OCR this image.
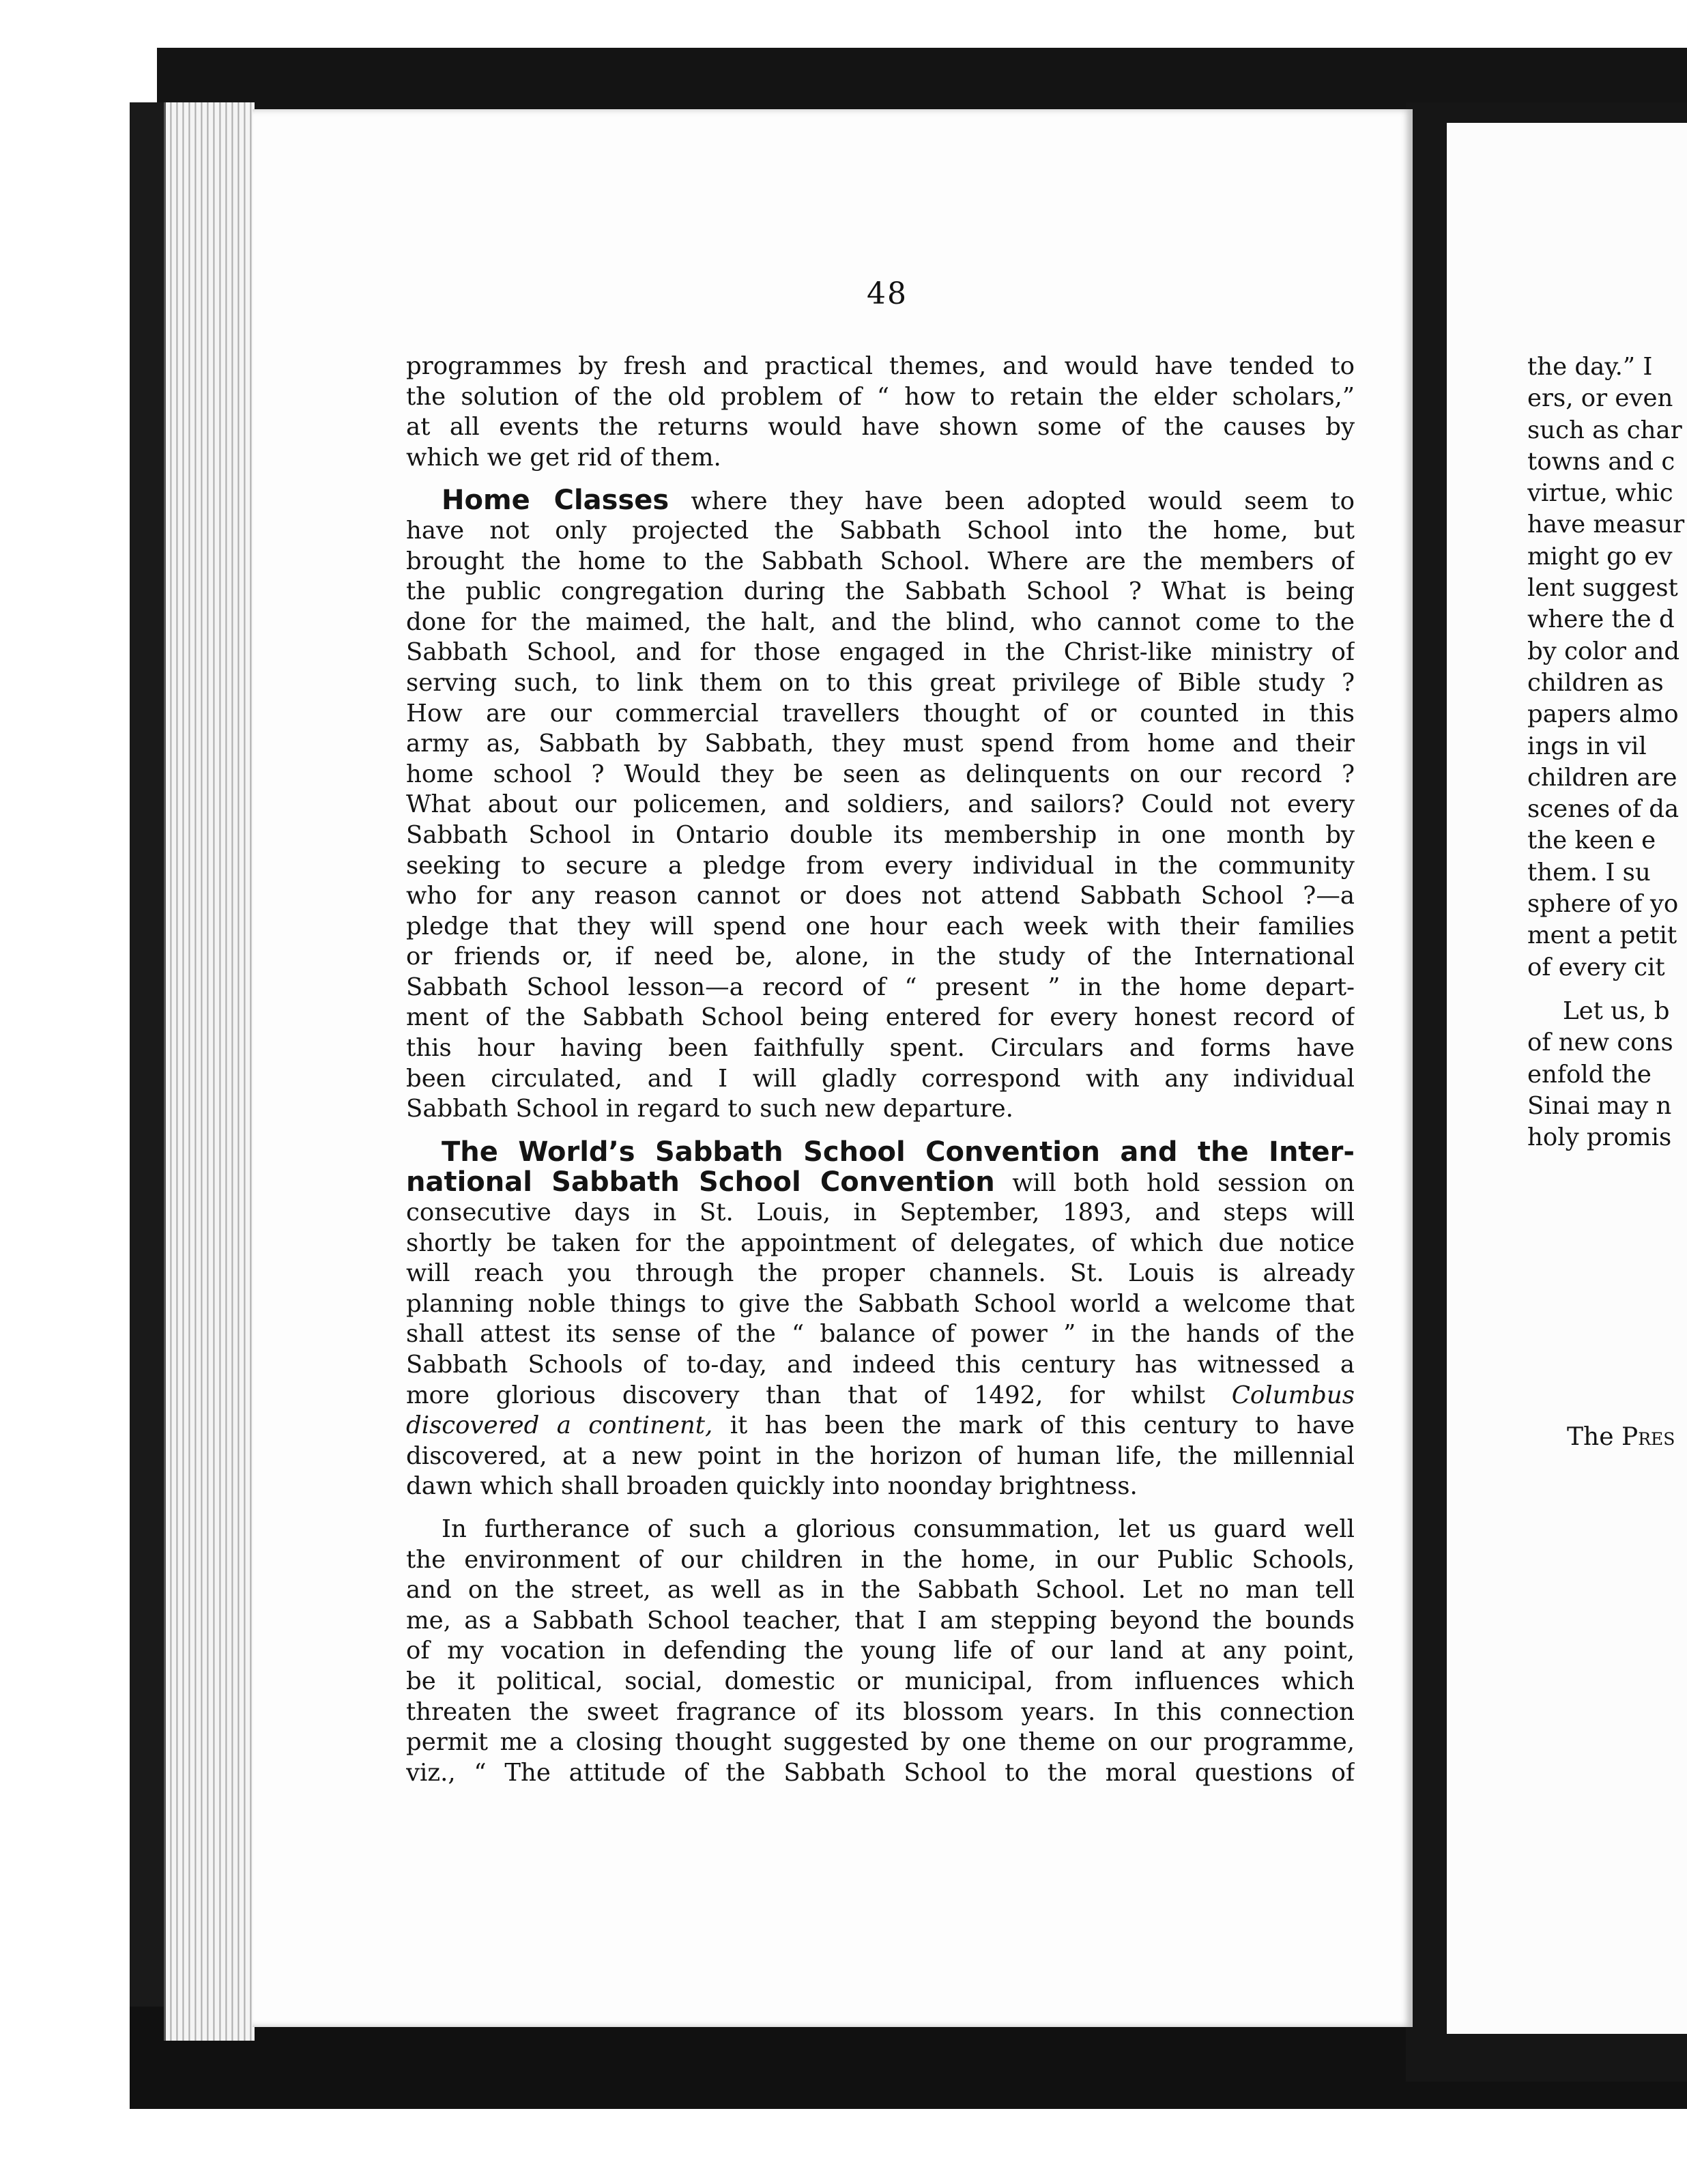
48

programmes by fresh and practical themes, and would have tended to
the solution of the old problem of “ how to retain the elder scholars,”
at all events the returns would have shown some of the causes by
which we get rid of them.

Home Classes where they have been adopted would seem to
have not only projected the Sabbath School into the home, but
brought the home to the Sabbath School. Where are the members of
the public congregation during the Sabbath School ? What is being
done for the maimed, the halt, and the blind, who cannot come to the
Sabbath School, and for those engaged in the Christ-like ministry of
serving such, to link them on to this great privilege of Bible study ?
How are our commercial travellers thought of or counted in this
army as, Sabbath by Sabbath, they must spend from home and their
home school ? Would they be seen as delinquents on our record ?
What about our policemen, and soldiers, and sailors? Could not every
Sabbath School in Ontario double its membership in one month by
seeking to secure a pledge from every individual in the community
who for any reason cannot or does not attend Sabbath School ?—a
pledge that they will spend one hour each week with their families
or friends or, if need be, alone, in the study of the International
Sabbath School lesson—a record of “ present ” in the home depart-
ment of the Sabbath School being entered for every honest record of
this hour having been faithfully spent. Circulars and forms have
been circulated, and I will gladly correspond with any individual
Sabbath School in regard to such new departure.

The World’s Sabbath School Convention and the Inter-
national Sabbath School Convention will both hold session on
consecutive days in St. Louis, in September, 1893, and steps will
shortly be taken for the appointment of delegates, of which due notice
will reach you through the proper channels. St. Louis is already
planning noble things to give the Sabbath School world a welcome that
shall attest its sense of the “ balance of power ” in the hands of the
Sabbath Schools of to-day, and indeed this century has witnessed a
more glorious discovery than that of 1492, for whilst Columbus
discovered a continent, it has been the mark of this century to have
discovered, at a new point in the horizon of human life, the millennial
dawn which shall broaden quickly into noonday brightness.

In furtherance of such a glorious consummation, let us guard well
the environment of our children in the home, in our Public Schools,
and on the street, as well as in the Sabbath School. Let no man tell
me, as a Sabbath School teacher, that I am stepping beyond the bounds
of my vocation in defending the young life of our land at any point,
be it political, social, domestic or municipal, from influences which
threaten the sweet fragrance of its blossom years. In this connection
permit me a closing thought suggested by one theme on our programme,
viz., “ The attitude of the Sabbath School to the moral questions of

the day.” I
ers, or even
such as char
towns and c
virtue, whic
have measur
might go ev
lent suggest
where the d
by color and
children as
papers almo
ings in vil
children are
scenes of da
the keen e
them. I su
sphere of yo
ment a petit
of every cit
Let us, b
of new cons
enfold the
Sinai may n
holy promis
The Pres
